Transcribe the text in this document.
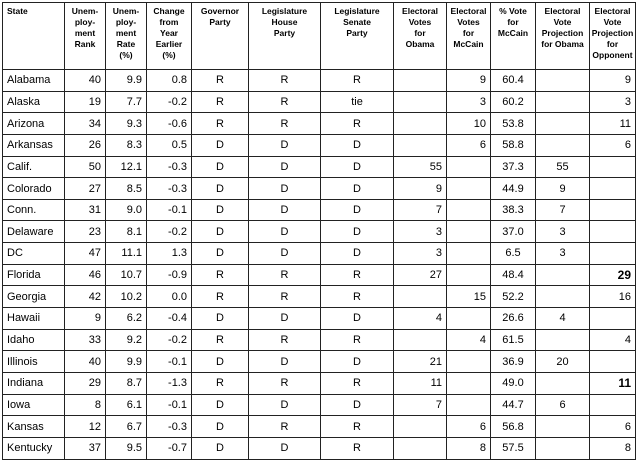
State	Unem-
ploy-
ment
Rank	Unem-
ploy-
ment
Rate
(%)	Change
from
Year
Earlier
(%)	Governor
Party	Legislature
House
Party	Legislature
Senate
Party	Electoral
Votes
for
Obama	Electoral
Votes
for
McCain	% Vote
for
McCain	Electoral
Vote
Projection
for Obama	Electoral
Vote
Projection
for
Opponent
Alabama	40	9.9	0.8	R	R	R		9	60.4		9
Alaska	19	7.7	-0.2	R	R	tie		3	60.2		3
Arizona	34	9.3	-0.6	R	R	R		10	53.8		11
Arkansas	26	8.3	0.5	D	D	D		6	58.8		6
Calif.	50	12.1	-0.3	D	D	D	55		37.3	55	
Colorado	27	8.5	-0.3	D	D	D	9		44.9	9	
Conn.	31	9.0	-0.1	D	D	D	7		38.3	7	
Delaware	23	8.1	-0.2	D	D	D	3		37.0	3	
DC	47	11.1	1.3	D	D	D	3		6.5	3	
Florida	46	10.7	-0.9	R	R	R	27		48.4		29
Georgia	42	10.2	0.0	R	R	R		15	52.2		16
Hawaii	9	6.2	-0.4	D	D	D	4		26.6	4	
Idaho	33	9.2	-0.2	R	R	R		4	61.5		4
Illinois	40	9.9	-0.1	D	D	D	21		36.9	20	
Indiana	29	8.7	-1.3	R	R	R	11		49.0		11
Iowa	8	6.1	-0.1	D	D	D	7		44.7	6	
Kansas	12	6.7	-0.3	D	R	R		6	56.8		6
Kentucky	37	9.5	-0.7	D	D	R		8	57.5		8
